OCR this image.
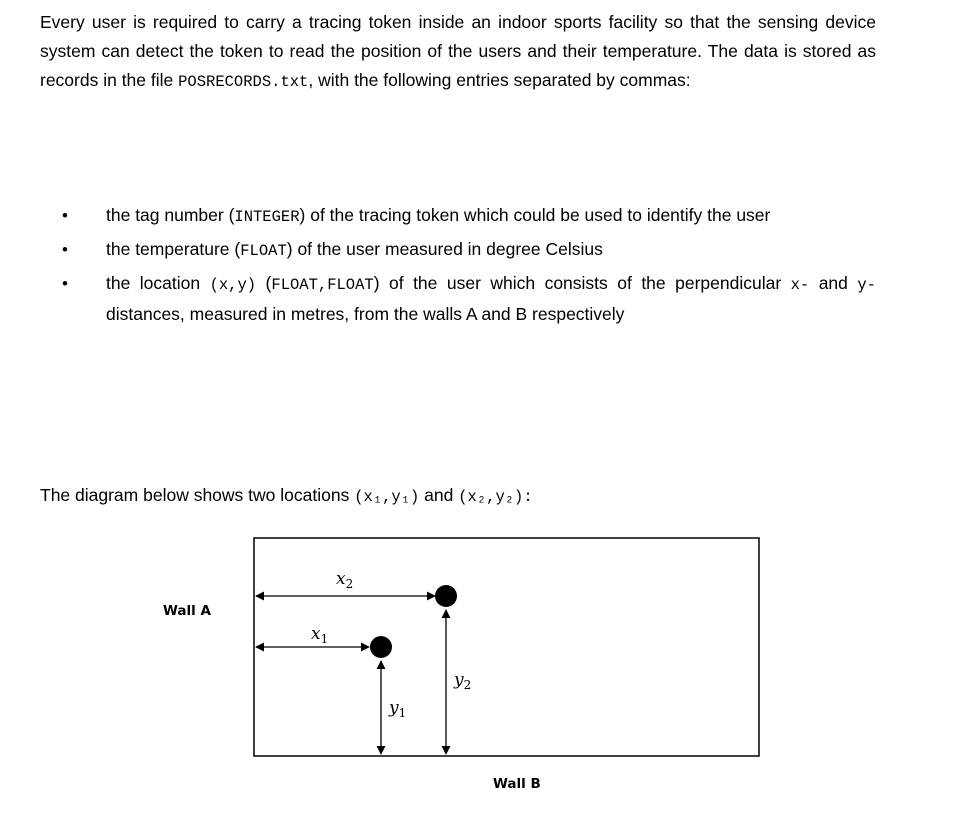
Every user is required to carry a tracing token inside an indoor sports facility so that the sensing device system can detect the token to read the position of the users and their temperature. The data is stored as records in the file POSRECORDS.txt, with the following entries separated by commas:

• the tag number (INTEGER) of the tracing token which could be used to identify the user
• the temperature (FLOAT) of the user measured in degree Celsius
• the location (x,y) (FLOAT,FLOAT) of the user which consists of the perpendicular x- and y- distances, measured in metres, from the walls A and B respectively

The diagram below shows two locations (x₁,y₁) and (x₂,y₂):

$x_2$
$x_1$
$y_2$
$y_1$
Wall A
Wall B
